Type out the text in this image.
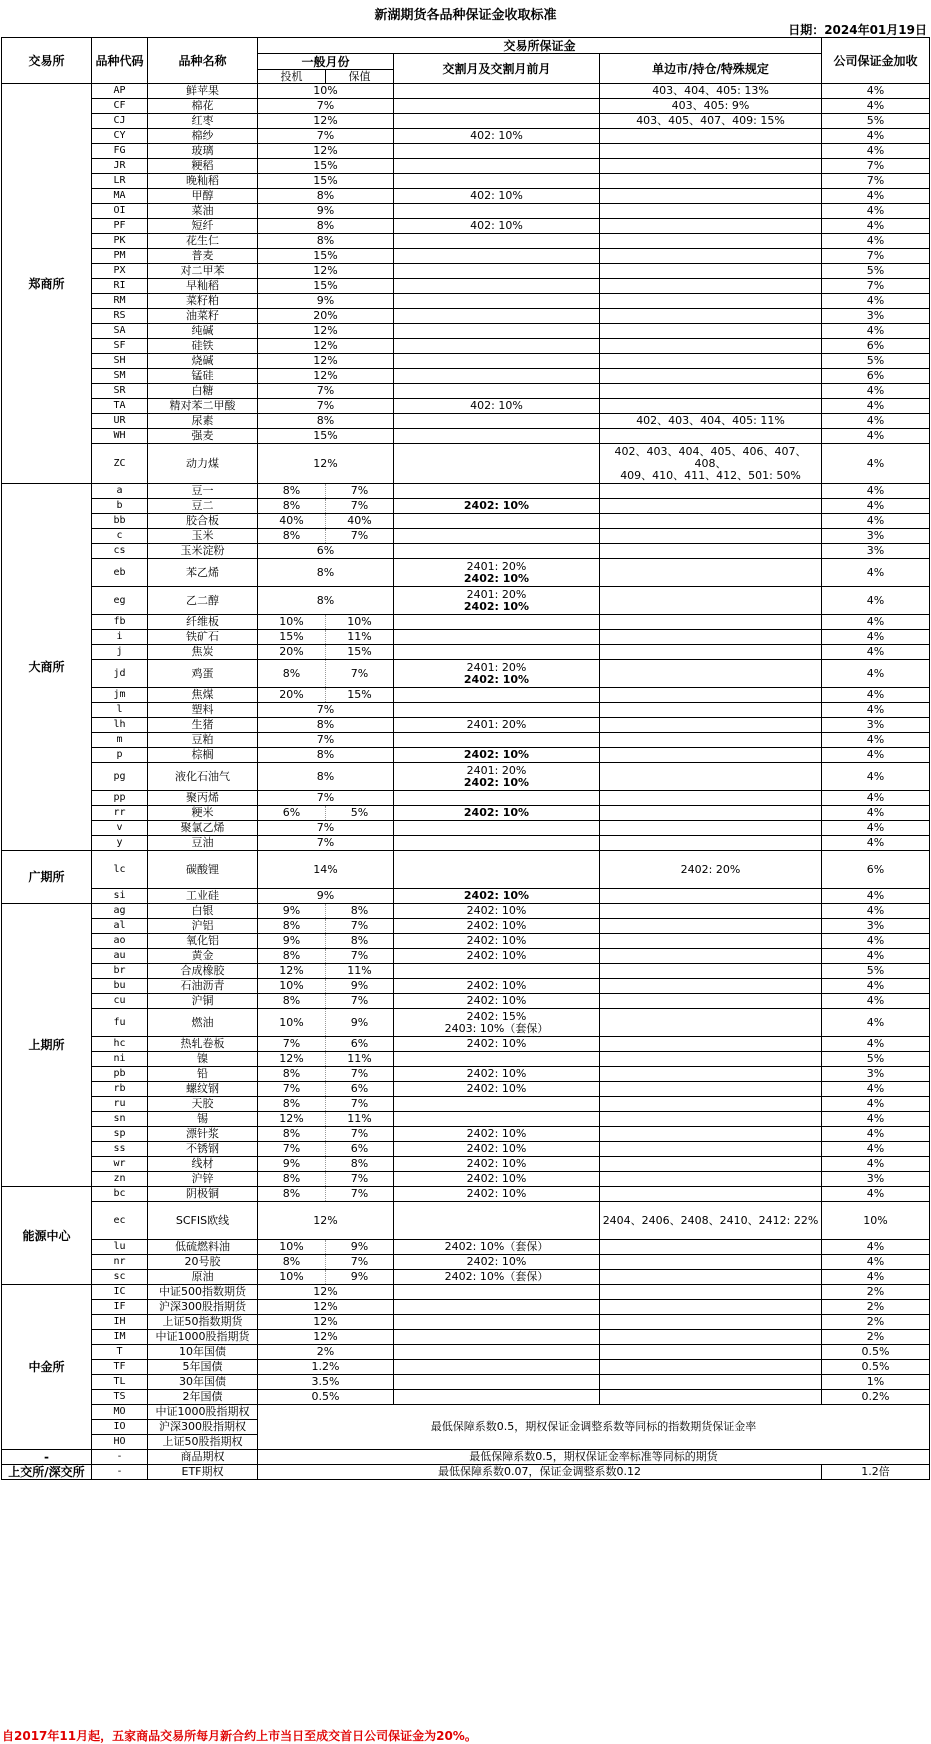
新湖期货各品种保证金收取标准
日期：2024年01月19日
交易所	品种代码	品种名称	交易所保证金				公司保证金加收	
			一般月份		交割月及交割月前月	单边市/持仓/特殊规定		
			投机	保值				
郑商所	AP	鲜苹果	10%			403、404、405: 13%	4%	
	CF	棉花	7%			403、405: 9%	4%	
	CJ	红枣	12%			403、405、407、409: 15%	5%	
	CY	棉纱	7%		402: 10%		4%	
	FG	玻璃	12%				4%	
	JR	粳稻	15%				7%	
	LR	晚籼稻	15%				7%	
	MA	甲醇	8%		402: 10%		4%	
	OI	菜油	9%				4%	
	PF	短纤	8%		402: 10%		4%	
	PK	花生仁	8%				4%	
	PM	普麦	15%				7%	
	PX	对二甲苯	12%				5%	
	RI	早籼稻	15%				7%	
	RM	菜籽粕	9%				4%	
	RS	油菜籽	20%				3%	
	SA	纯碱	12%				4%	
	SF	硅铁	12%				6%	
	SH	烧碱	12%				5%	
	SM	锰硅	12%				6%	
	SR	白糖	7%				4%	
	TA	精对苯二甲酸	7%		402: 10%		4%	
	UR	尿素	8%			402、403、404、405: 11%	4%	
	WH	强麦	15%				4%	
	ZC	动力煤	12%			402、403、404、405、406、407、408、
409、410、411、412、501: 50%	4%	
大商所	a	豆一	8%	7%			4%	
	b	豆二	8%	7%	2402: 10%		4%	
	bb	胶合板	40%	40%			4%	
	c	玉米	8%	7%			3%	
	cs	玉米淀粉	6%				3%	
	eb	苯乙烯	8%		2401: 20%
2402: 10%		4%	
	eg	乙二醇	8%		2401: 20%
2402: 10%		4%	
	fb	纤维板	10%	10%			4%	
	i	铁矿石	15%	11%			4%	
	j	焦炭	20%	15%			4%	
	jd	鸡蛋	8%	7%	2401: 20%
2402: 10%		4%	
	jm	焦煤	20%	15%			4%	
	l	塑料	7%				4%	
	lh	生猪	8%		2401: 20%		3%	
	m	豆粕	7%				4%	
	p	棕榈	8%		2402: 10%		4%	
	pg	液化石油气	8%		2401: 20%
2402: 10%		4%	
	pp	聚丙烯	7%				4%	
	rr	粳米	6%	5%	2402: 10%		4%	
	v	聚氯乙烯	7%				4%	
	y	豆油	7%				4%	
广期所	lc	碳酸锂	14%			2402: 20%	6%	
	si	工业硅	9%		2402: 10%		4%	
上期所	ag	白银	9%	8%	2402: 10%		4%	
	al	沪铝	8%	7%	2402: 10%		3%	
	ao	氧化铝	9%	8%	2402: 10%		4%	
	au	黄金	8%	7%	2402: 10%		4%	
	br	合成橡胶	12%	11%			5%	
	bu	石油沥青	10%	9%	2402: 10%		4%	
	cu	沪铜	8%	7%	2402: 10%		4%	
	fu	燃油	10%	9%	2402: 15%
2403: 10%（套保）		4%	
	hc	热轧卷板	7%	6%	2402: 10%		4%	
	ni	镍	12%	11%			5%	
	pb	铅	8%	7%	2402: 10%		3%	
	rb	螺纹钢	7%	6%	2402: 10%		4%	
	ru	天胶	8%	7%			4%	
	sn	锡	12%	11%			4%	
	sp	漂针浆	8%	7%	2402: 10%		4%	
	ss	不锈钢	7%	6%	2402: 10%		4%	
	wr	线材	9%	8%	2402: 10%		4%	
	zn	沪锌	8%	7%	2402: 10%		3%	
能源中心	bc	阴极铜	8%	7%	2402: 10%		4%	
	ec	SCFIS欧线	12%			2404、2406、2408、2410、2412: 22%	10%	
	lu	低硫燃料油	10%	9%	2402: 10%（套保）		4%	
	nr	20号胶	8%	7%	2402: 10%		4%	
	sc	原油	10%	9%	2402: 10%（套保）		4%	
中金所	IC	中证500指数期货	12%				2%	
	IF	沪深300股指期货	12%				2%	
	IH	上证50指数期货	12%				2%	
	IM	中证1000股指期货	12%				2%	
	T	10年国债	2%				0.5%	
	TF	5年国债	1.2%				0.5%	
	TL	30年国债	3.5%				1%	
	TS	2年国债	0.5%				0.2%	
	MO	中证1000股指期权	最低保障系数0.5，期权保证金调整系数等同标的指数期货保证金率					
	IO	沪深300股指期权						
	HO	上证50股指期权						
-	-	商品期权	最低保障系数0.5，期权保证金率标准等同标的期货					
上交所/深交所	-	ETF期权	最低保障系数0.07，保证金调整系数0.12				1.2倍	
自2017年11月起，五家商品交易所每月新合约上市当日至成交首日公司保证金为20%。
